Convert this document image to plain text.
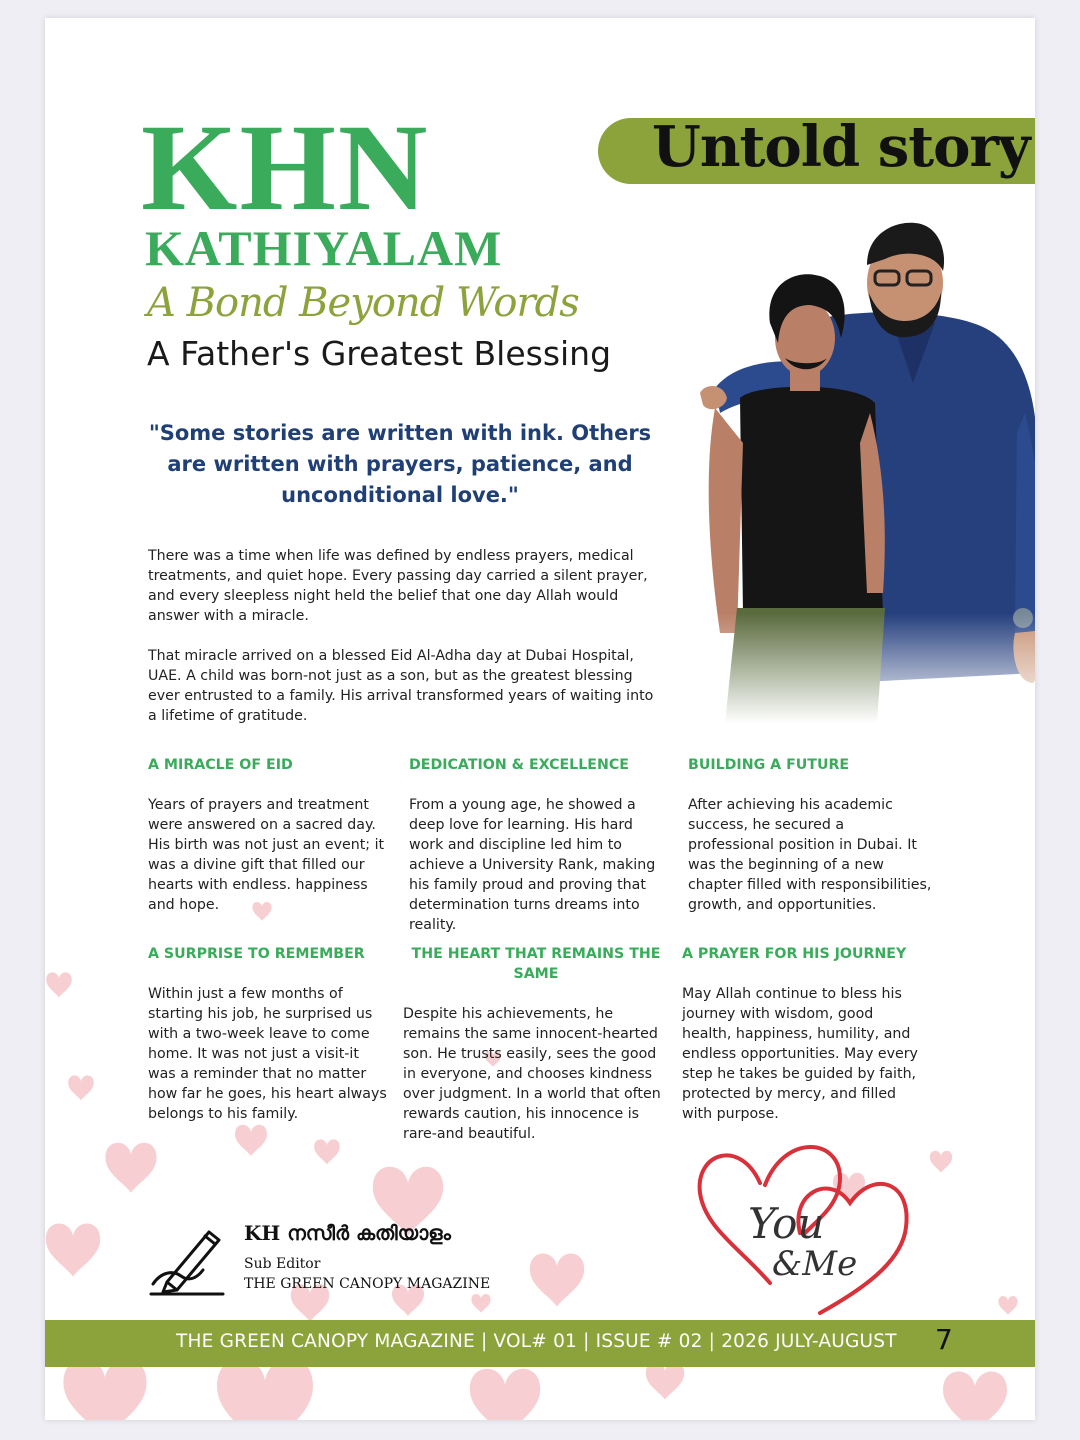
Untold story
KHN
KATHIYALAM
A Bond Beyond Words
A Father's Greatest Blessing
"Some stories are written with ink. Others are written with prayers, patience, and unconditional love."
There was a time when life was defined by endless prayers, medical treatments, and quiet hope. Every passing day carried a silent prayer, and every sleepless night held the belief that one day Allah would answer with a miracle.
That miracle arrived on a blessed Eid Al-Adha day at Dubai Hospital, UAE. A child was born-not just as a son, but as the greatest blessing ever entrusted to a family. His arrival transformed years of waiting into a lifetime of gratitude.
A MIRACLE OF EID
Years of prayers and treatment were answered on a sacred day. His birth was not just an event; it was a divine gift that filled our hearts with endless. happiness and hope.
DEDICATION & EXCELLENCE
From a young age, he showed a deep love for learning. His hard work and discipline led him to achieve a University Rank, making his family proud and proving that determination turns dreams into reality.
BUILDING A FUTURE
After achieving his academic success, he secured a professional position in Dubai. It was the beginning of a new chapter filled with responsibilities, growth, and opportunities.
A SURPRISE TO REMEMBER
Within just a few months of starting his job, he surprised us with a two-week leave to come home. It was not just a visit-it was a reminder that no matter how far he goes, his heart always belongs to his family.
THE HEART THAT REMAINS THE SAME
Despite his achievements, he remains the same innocent-hearted son. He trusts easily, sees the good in everyone, and chooses kindness over judgment. In a world that often rewards caution, his innocence is rare-and beautiful.
A PRAYER FOR HIS JOURNEY
May Allah continue to bless his journey with wisdom, good health, happiness, humility, and endless opportunities. May every step he takes be guided by faith, protected by mercy, and filled with purpose.
You
&Me
KH നസീർ കതിയാളം
Sub Editor
THE GREEN CANOPY MAGAZINE
THE GREEN CANOPY MAGAZINE | VOL# 01 | ISSUE # 02 | 2026 JULY-AUGUST 7
